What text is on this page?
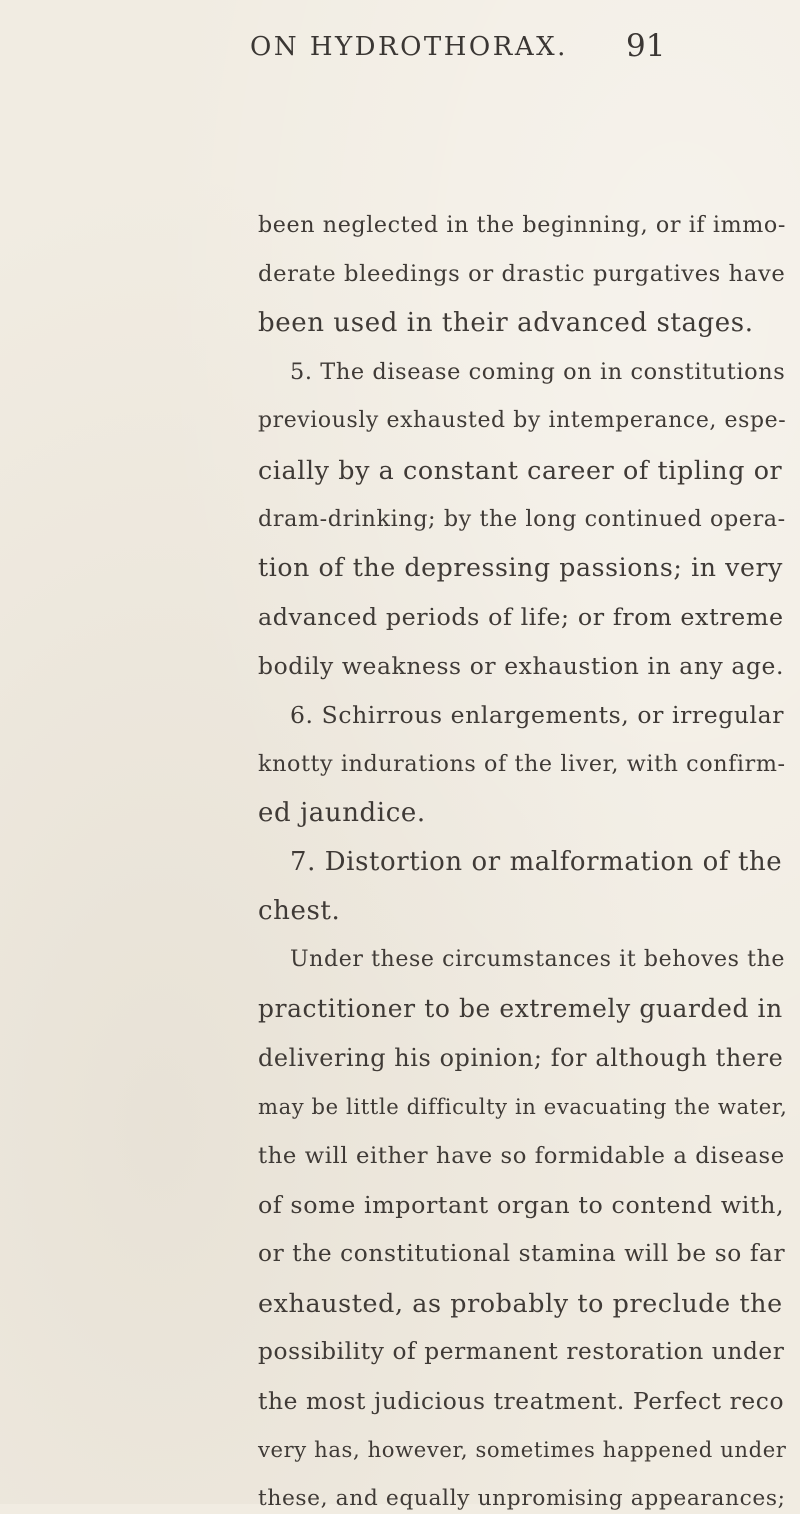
ON HYDROTHORAX. 91
been neglected in the beginning, or if immo-
derate bleedings or drastic purgatives have
been used in their advanced stages.
5. The disease coming on in constitutions
previously exhausted by intemperance, espe-
cially by a constant career of tipling or
dram-drinking; by the long continued opera-
tion of the depressing passions; in very
advanced periods of life; or from extreme
bodily weakness or exhaustion in any age.
6. Schirrous enlargements, or irregular
knotty indurations of the liver, with confirm-
ed jaundice.
7. Distortion or malformation of the
chest.
Under these circumstances it behoves the
practitioner to be extremely guarded in
delivering his opinion; for although there
may be little difficulty in evacuating the water,
the will either have so formidable a disease
of some important organ to contend with,
or the constitutional stamina will be so far
exhausted, as probably to preclude the
possibility of permanent restoration under
the most judicious treatment. Perfect reco
very has, however, sometimes happened under
these, and equally unpromising appearances;
